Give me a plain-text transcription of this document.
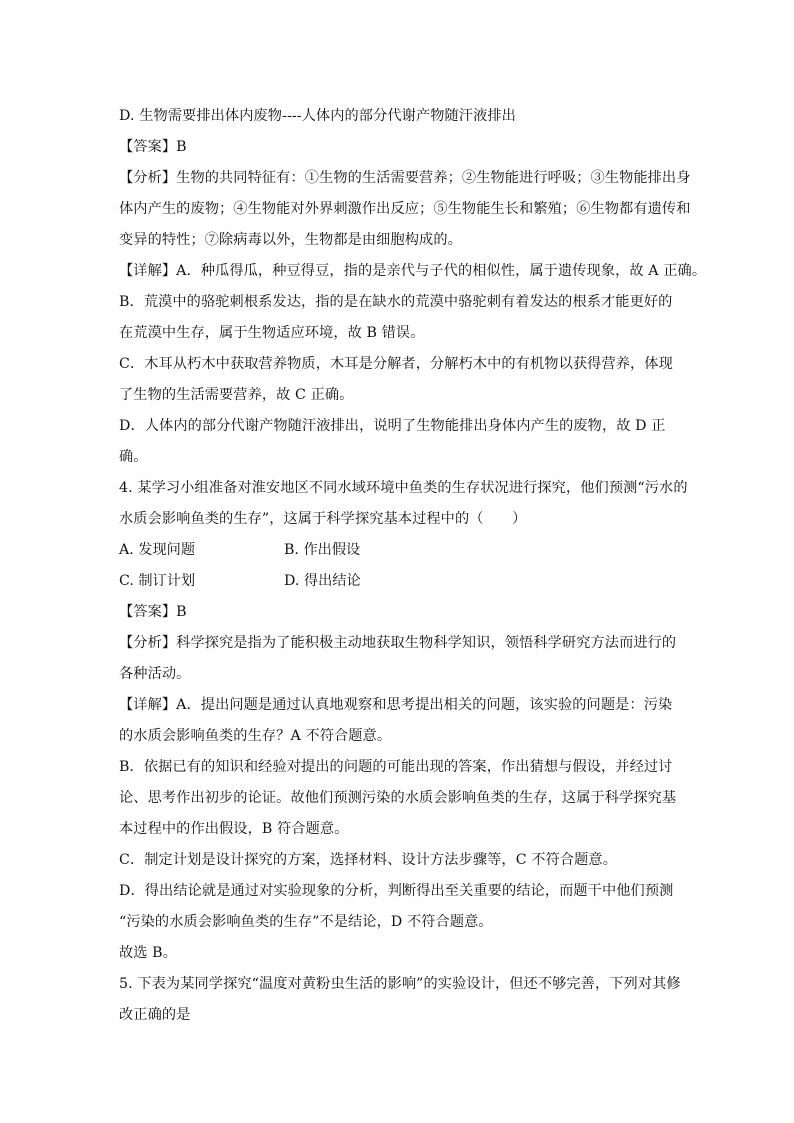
D. 生物需要排出体内废物----人体内的部分代谢产物随汗液排出
【答案】B
【分析】生物的共同特征有：①生物的生活需要营养；②生物能进行呼吸；③生物能排出身
体内产生的废物；④生物能对外界刺激作出反应；⑤生物能生长和繁殖；⑥生物都有遗传和
变异的特性；⑦除病毒以外，生物都是由细胞构成的。
【详解】A．种瓜得瓜，种豆得豆，指的是亲代与子代的相似性，属于遗传现象，故 A 正确。
B．荒漠中的骆驼刺根系发达，指的是在缺水的荒漠中骆驼刺有着发达的根系才能更好的
在荒漠中生存，属于生物适应环境，故 B 错误。
C．木耳从朽木中获取营养物质，木耳是分解者，分解朽木中的有机物以获得营养，体现
了生物的生活需要营养，故 C 正确。
D．人体内的部分代谢产物随汗液排出，说明了生物能排出身体内产生的废物，故 D 正
确。
4. 某学习小组准备对淮安地区不同水域环境中鱼类的生存状况进行探究，他们预测“污水的
水质会影响鱼类的生存”，这属于科学探究基本过程中的（　　）
A. 发现问题	B. 作出假设
C. 制订计划	D. 得出结论
【答案】B
【分析】科学探究是指为了能积极主动地获取生物科学知识，领悟科学研究方法而进行的
各种活动。
【详解】A．提出问题是通过认真地观察和思考提出相关的问题，该实验的问题是：污染
的水质会影响鱼类的生存？A 不符合题意。
B．依据已有的知识和经验对提出的问题的可能出现的答案，作出猜想与假设，并经过讨
论、思考作出初步的论证。故他们预测污染的水质会影响鱼类的生存，这属于科学探究基
本过程中的作出假设，B 符合题意。
C．制定计划是设计探究的方案，选择材料、设计方法步骤等，C 不符合题意。
D．得出结论就是通过对实验现象的分析，判断得出至关重要的结论，而题干中他们预测
“污染的水质会影响鱼类的生存”不是结论，D 不符合题意。
故选 B。
5. 下表为某同学探究“温度对黄粉虫生活的影响”的实验设计，但还不够完善，下列对其修
改正确的是
